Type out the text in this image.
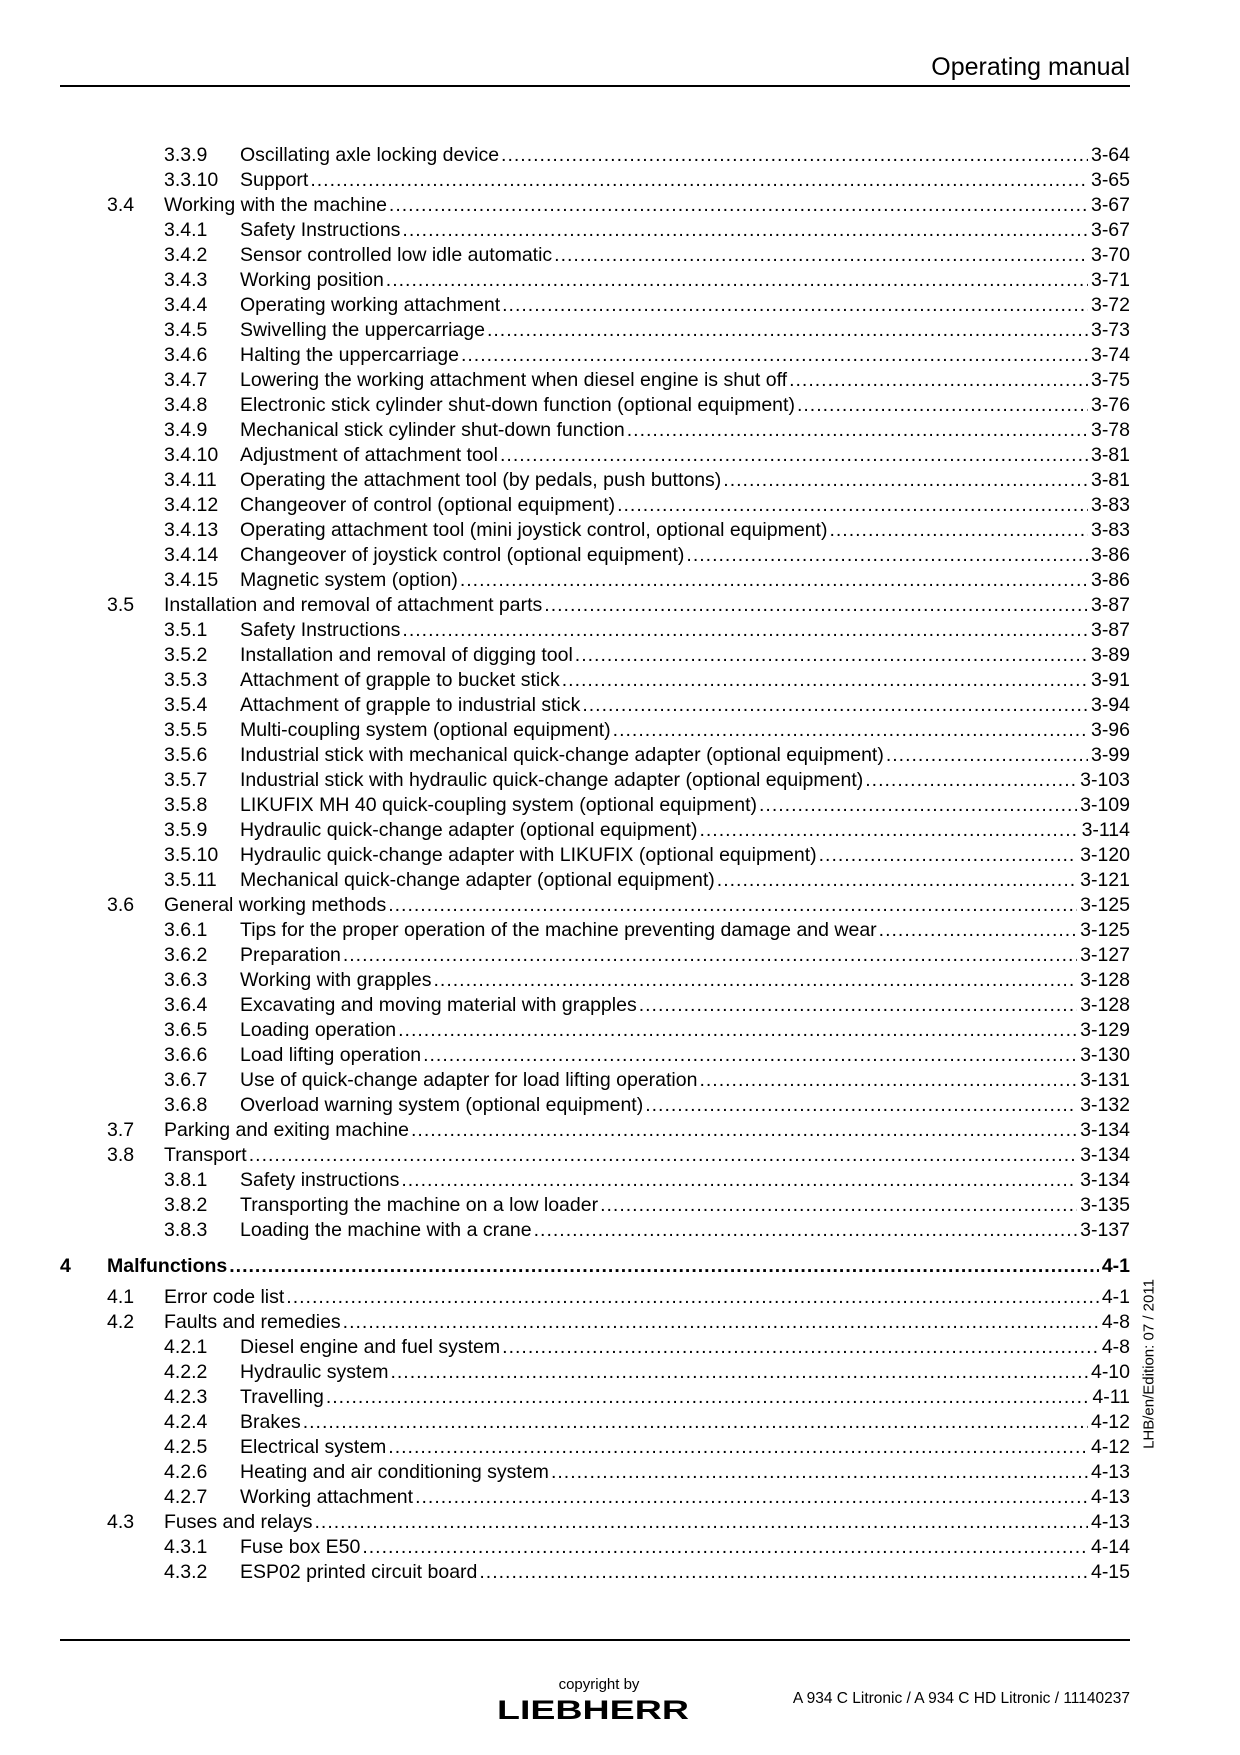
Operating manual
3.3.9 Oscillating axle locking device .....	3-64
3.3.10 Support .....	3-65
3.4 Working with the machine .....	3-67
3.4.1 Safety Instructions .....	3-67
3.4.2 Sensor controlled low idle automatic .....	3-70
3.4.3 Working position .....	3-71
3.4.4 Operating working attachment .....	3-72
3.4.5 Swivelling the uppercarriage .....	3-73
3.4.6 Halting the uppercarriage .....	3-74
3.4.7 Lowering the working attachment when diesel engine is shut off .....	3-75
3.4.8 Electronic stick cylinder shut-down function (optional equipment) .....	3-76
3.4.9 Mechanical stick cylinder shut-down function .....	3-78
3.4.10 Adjustment of attachment tool .....	3-81
3.4.11 Operating the attachment tool (by pedals, push buttons) .....	3-81
3.4.12 Changeover of control (optional equipment) .....	3-83
3.4.13 Operating attachment tool (mini joystick control, optional equipment) .....	3-83
3.4.14 Changeover of joystick control (optional equipment) .....	3-86
3.4.15 Magnetic system (option) .....	3-86
3.5 Installation and removal of attachment parts .....	3-87
3.5.1 Safety Instructions .....	3-87
3.5.2 Installation and removal of digging tool .....	3-89
3.5.3 Attachment of grapple to bucket stick .....	3-91
3.5.4 Attachment of grapple to industrial stick .....	3-94
3.5.5 Multi-coupling system (optional equipment) .....	3-96
3.5.6 Industrial stick with mechanical quick-change adapter (optional equipment) .....	3-99
3.5.7 Industrial stick with hydraulic quick-change adapter (optional equipment) .....	3-103
3.5.8 LIKUFIX MH 40 quick-coupling system (optional equipment) .....	3-109
3.5.9 Hydraulic quick-change adapter (optional equipment) .....	3-114
3.5.10 Hydraulic quick-change adapter with LIKUFIX (optional equipment) .....	3-120
3.5.11 Mechanical quick-change adapter (optional equipment) .....	3-121
3.6 General working methods .....	3-125
3.6.1 Tips for the proper operation of the machine preventing damage and wear .....	3-125
3.6.2 Preparation .....	3-127
3.6.3 Working with grapples .....	3-128
3.6.4 Excavating and moving material with grapples .....	3-128
3.6.5 Loading operation .....	3-129
3.6.6 Load lifting operation .....	3-130
3.6.7 Use of quick-change adapter for load lifting operation .....	3-131
3.6.8 Overload warning system (optional equipment) .....	3-132
3.7 Parking and exiting machine .....	3-134
3.8 Transport .....	3-134
3.8.1 Safety instructions .....	3-134
3.8.2 Transporting the machine on a low loader .....	3-135
3.8.3 Loading the machine with a crane .....	3-137
4 Malfunctions .....	4-1
4.1 Error code list .....	4-1
4.2 Faults and remedies .....	4-8
4.2.1 Diesel engine and fuel system .....	4-8
4.2.2 Hydraulic system .....	4-10
4.2.3 Travelling .....	4-11
4.2.4 Brakes .....	4-12
4.2.5 Electrical system .....	4-12
4.2.6 Heating and air conditioning system .....	4-13
4.2.7 Working attachment .....	4-13
4.3 Fuses and relays .....	4-13
4.3.1 Fuse box E50 .....	4-14
4.3.2 ESP02 printed circuit board .....	4-15
LHB/en/Edition: 07 / 2011
copyright by
LIEBHERR	A 934 C Litronic / A 934 C HD Litronic / 11140237
